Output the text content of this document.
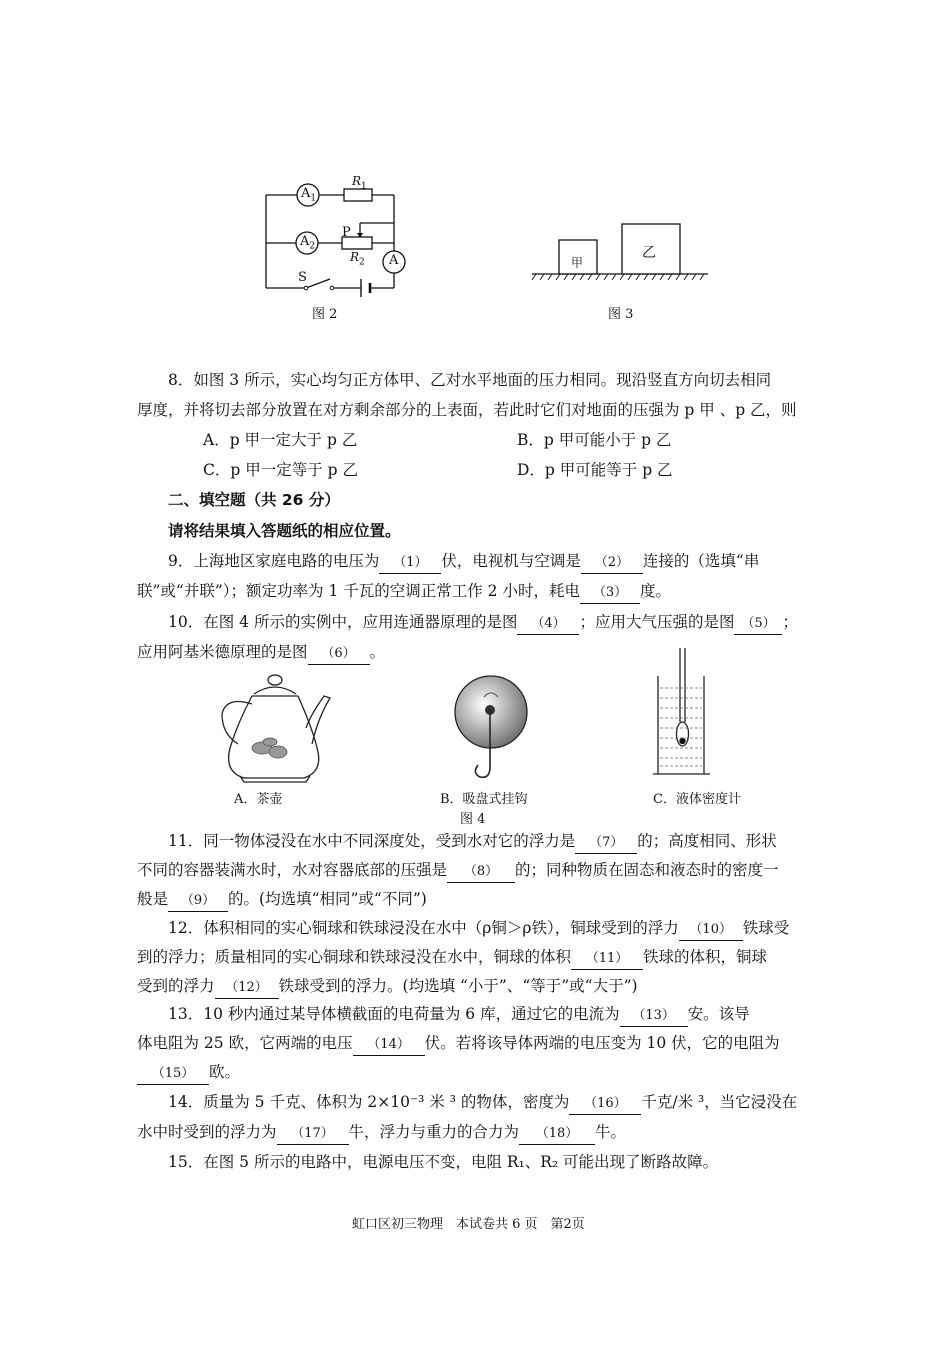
$A_1$
$A_2$
A
$R_1$
$R_2$
P
S
图 2
甲
乙
图 3
8．如图 3 所示，实心均匀正方体甲、乙对水平地面的压力相同。现沿竖直方向切去相同
厚度，并将切去部分放置在对方剩余部分的上表面，若此时它们对地面的压强为 p 甲 、p 乙，则
A．p 甲一定大于 p 乙	B．p 甲可能小于 p 乙
C．p 甲一定等于 p 乙	D．p 甲可能等于 p 乙
二、填空题（共 26 分）
请将结果填入答题纸的相应位置。
9．上海地区家庭电路的电压为 （1） 伏，电视机与空调是 （2） 连接的（选填“串
联”或“并联”）；额定功率为 1 千瓦的空调正常工作 2 小时，耗电 （3） 度。
10．在图 4 所示的实例中，应用连通器原理的是图 （4） ；应用大气压强的是图 （5） ；
应用阿基米德原理的是图 （6） 。
A．茶壶	B．吸盘式挂钩	C．液体密度计
图 4
11．同一物体浸没在水中不同深度处，受到水对它的浮力是 （7） 的；高度相同、形状
不同的容器装满水时，水对容器底部的压强是 （8） 的；同种物质在固态和液态时的密度一
般是 （9） 的。(均选填“相同”或“不同”)
12．体积相同的实心铜球和铁球浸没在水中（ρ铜＞ρ铁），铜球受到的浮力 （10） 铁球受
到的浮力；质量相同的实心铜球和铁球浸没在水中，铜球的体积 （11） 铁球的体积，铜球
受到的浮力 （12） 铁球受到的浮力。(均选填 “小于”、“等于”或“大于”)
13．10 秒内通过某导体横截面的电荷量为 6 库，通过它的电流为 （13） 安。该导
体电阻为 25 欧，它两端的电压 （14） 伏。若将该导体两端的电压变为 10 伏，它的电阻为
（15） 欧。
14．质量为 5 千克、体积为 2×10⁻³ 米 ³ 的物体，密度为 （16） 千克/米 ³，当它浸没在
水中时受到的浮力为 （17） 牛，浮力与重力的合力为 （18） 牛。
15．在图 5 所示的电路中，电源电压不变，电阻 R₁、R₂ 可能出现了断路故障。
虹口区初三物理　本试卷共 6 页　第2页
